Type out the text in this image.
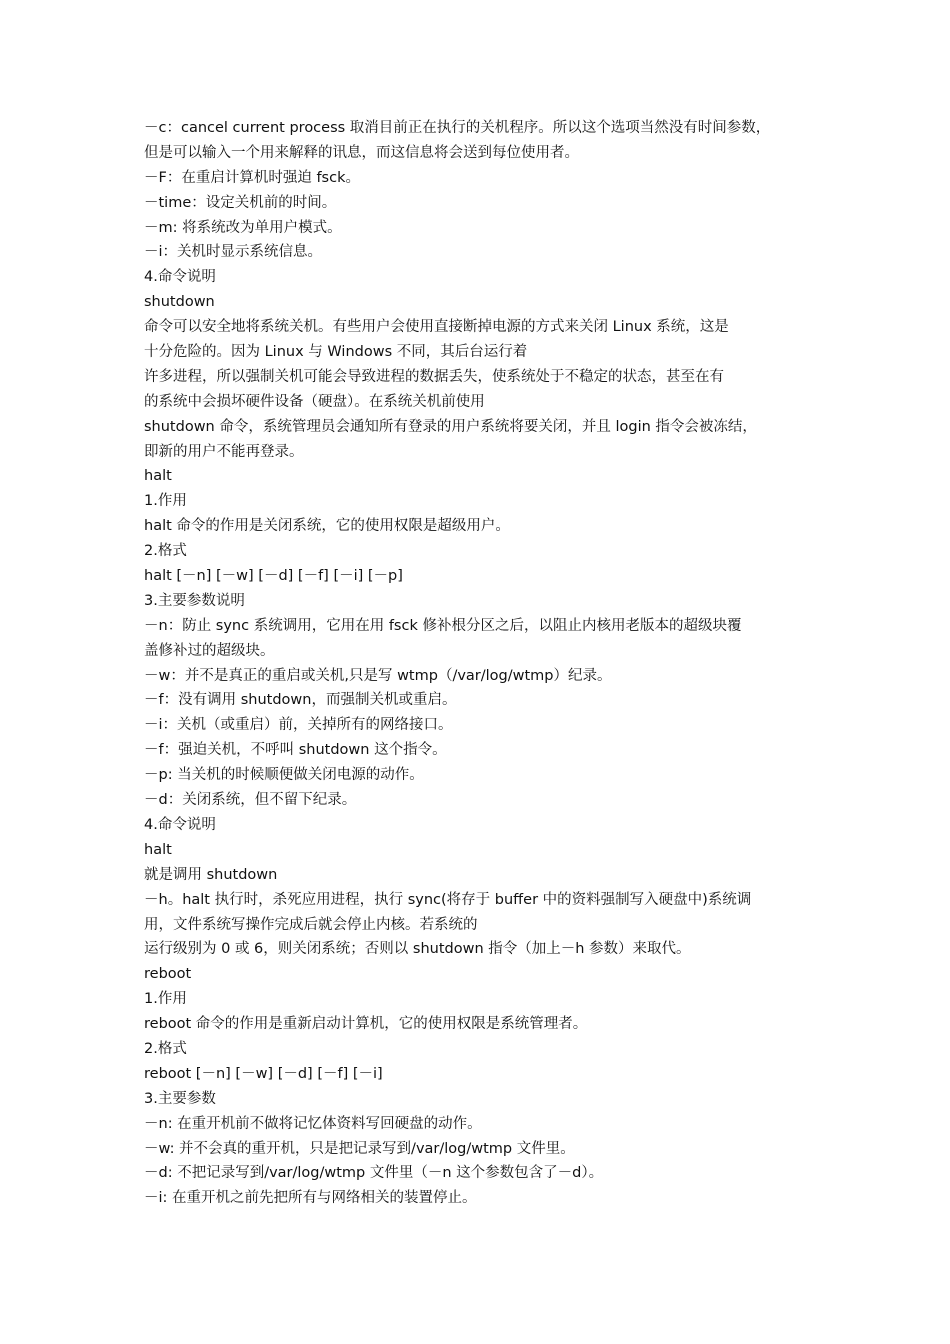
－c：cancel current process 取消目前正在执行的关机程序。所以这个选项当然没有时间参数，
但是可以输入一个用来解释的讯息，而这信息将会送到每位使用者。
－F：在重启计算机时强迫 fsck。
－time：设定关机前的时间。
－m: 将系统改为单用户模式。
－i：关机时显示系统信息。
4.命令说明
shutdown
命令可以安全地将系统关机。有些用户会使用直接断掉电源的方式来关闭 Linux 系统，这是
十分危险的。因为 Linux 与 Windows 不同，其后台运行着
许多进程，所以强制关机可能会导致进程的数据丢失，使系统处于不稳定的状态，甚至在有
的系统中会损坏硬件设备（硬盘）。在系统关机前使用
shutdown 命令，系统管理员会通知所有登录的用户系统将要关闭，并且 login 指令会被冻结，
即新的用户不能再登录。
halt
1.作用
halt 命令的作用是关闭系统，它的使用权限是超级用户。
2.格式
halt [－n] [－w] [－d] [－f] [－i] [－p]
3.主要参数说明
－n：防止 sync 系统调用，它用在用 fsck 修补根分区之后，以阻止内核用老版本的超级块覆
盖修补过的超级块。
－w：并不是真正的重启或关机,只是写 wtmp（/var/log/wtmp）纪录。
－f：没有调用 shutdown，而强制关机或重启。
－i：关机（或重启）前，关掉所有的网络接口。
－f：强迫关机，不呼叫 shutdown 这个指令。
－p: 当关机的时候顺便做关闭电源的动作。
－d：关闭系统，但不留下纪录。
4.命令说明
halt
就是调用 shutdown
－h。halt 执行时，杀死应用进程，执行 sync(将存于 buffer 中的资料强制写入硬盘中)系统调
用，文件系统写操作完成后就会停止内核。若系统的
运行级别为 0 或 6，则关闭系统；否则以 shutdown 指令（加上－h 参数）来取代。
reboot
1.作用
reboot 命令的作用是重新启动计算机，它的使用权限是系统管理者。
2.格式
reboot [－n] [－w] [－d] [－f] [－i]
3.主要参数
－n: 在重开机前不做将记忆体资料写回硬盘的动作。
－w: 并不会真的重开机，只是把记录写到/var/log/wtmp 文件里。
－d: 不把记录写到/var/log/wtmp 文件里（－n 这个参数包含了－d）。
－i: 在重开机之前先把所有与网络相关的装置停止。
